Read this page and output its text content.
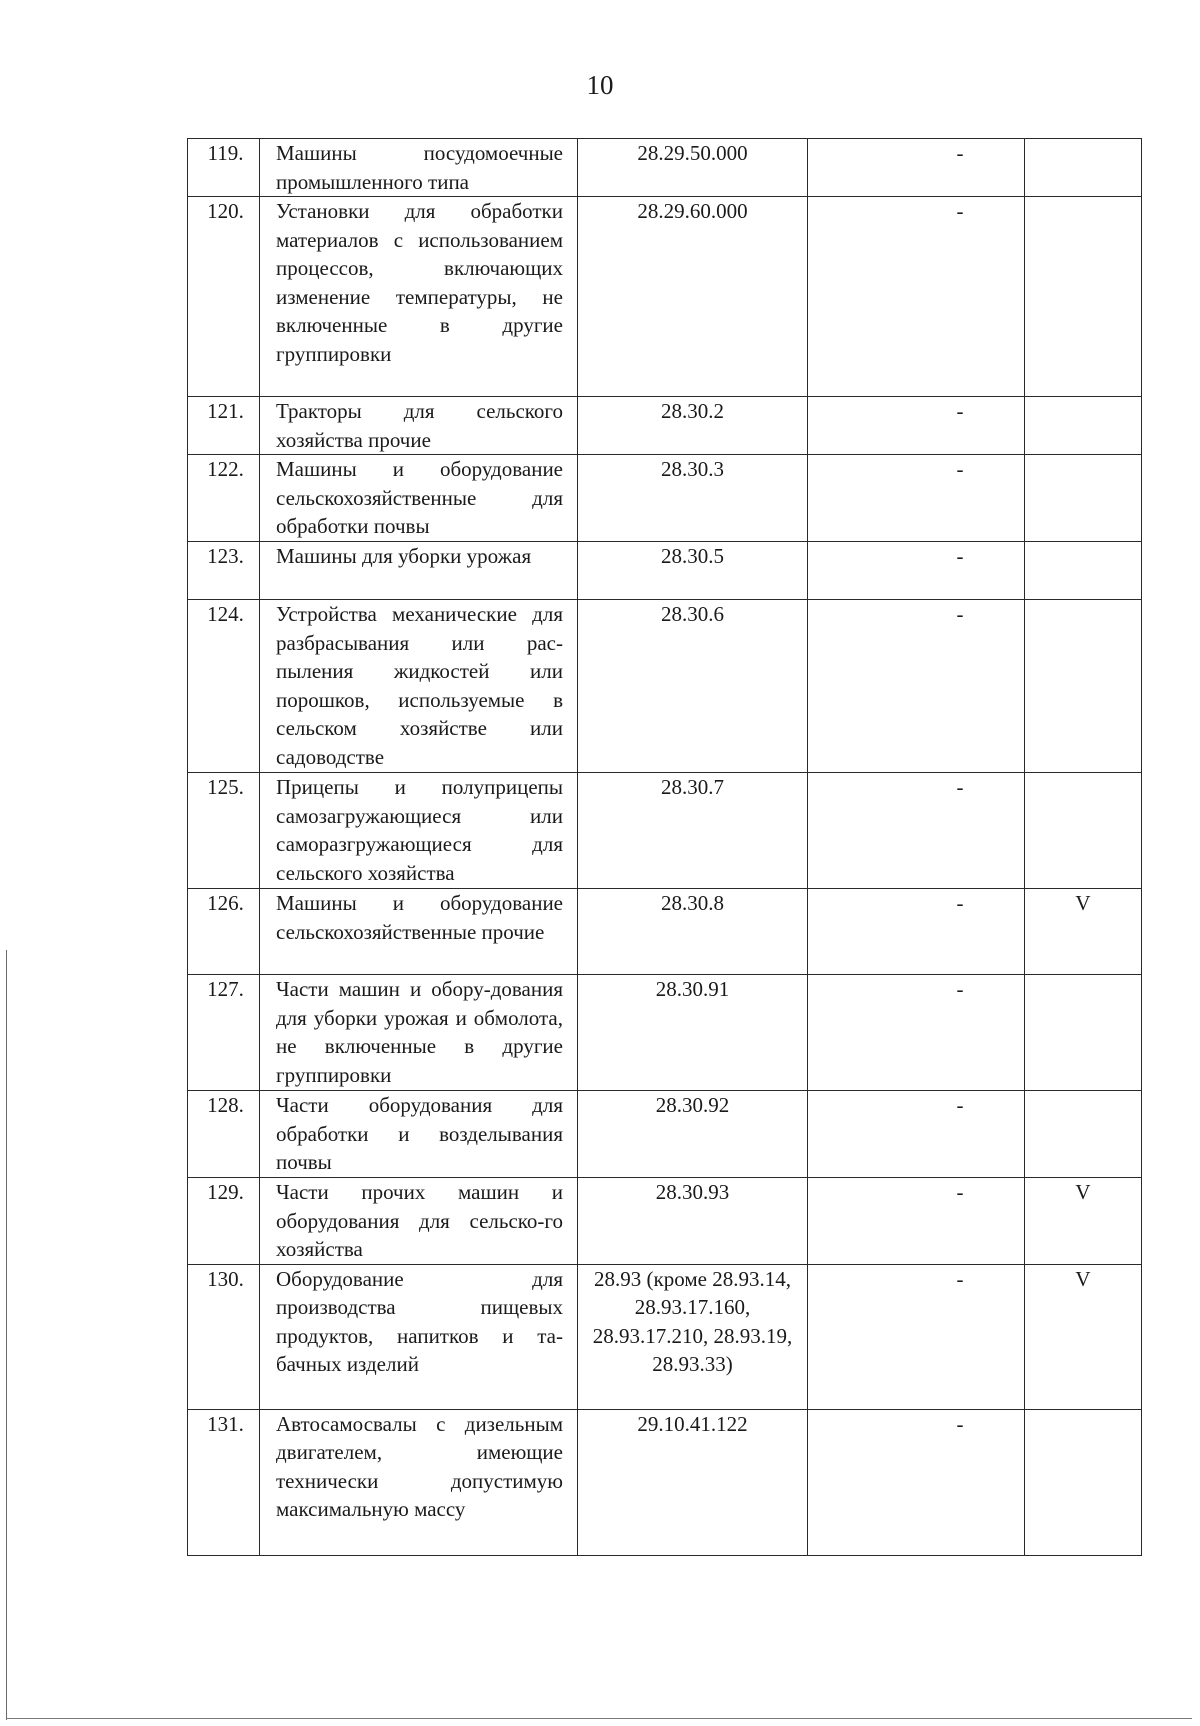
10
119.	Машины посудомоечные промышленного типа	28.29.50.000	-	
120.	Установки для обработки материалов с использованием процессов, включающих изменение температуры, не включенные в другие группировки	28.29.60.000	-	
121.	Тракторы для сельского хозяйства прочие	28.30.2	-	
122.	Машины и оборудование сельскохозяйственные для обработки почвы	28.30.3	-	
123.	Машины для уборки урожая	28.30.5	-	
124.	Устройства механические для разбрасывания или рас-пыления жидкостей или порошков, используемые в сельском хозяйстве или садоводстве	28.30.6	-	
125.	Прицепы и полуприцепы самозагружающиеся или саморазгружающиеся для сельского хозяйства	28.30.7	-	
126.	Машины и оборудование сельскохозяйственные прочие	28.30.8	-	V
127.	Части машин и обору-дования для уборки урожая и обмолота, не включенные в другие группировки	28.30.91	-	
128.	Части оборудования для обработки и возделывания почвы	28.30.92	-	
129.	Части прочих машин и оборудования для сельско-го хозяйства	28.30.93	-	V
130.	Оборудование для производства пищевых продуктов, напитков и та-бачных изделий	28.93 (кроме 28.93.14, 28.93.17.160, 28.93.17.210, 28.93.19, 28.93.33)	-	V
131.	Автосамосвалы с дизельным двигателем, имеющие технически допустимую максимальную массу	29.10.41.122	-	
